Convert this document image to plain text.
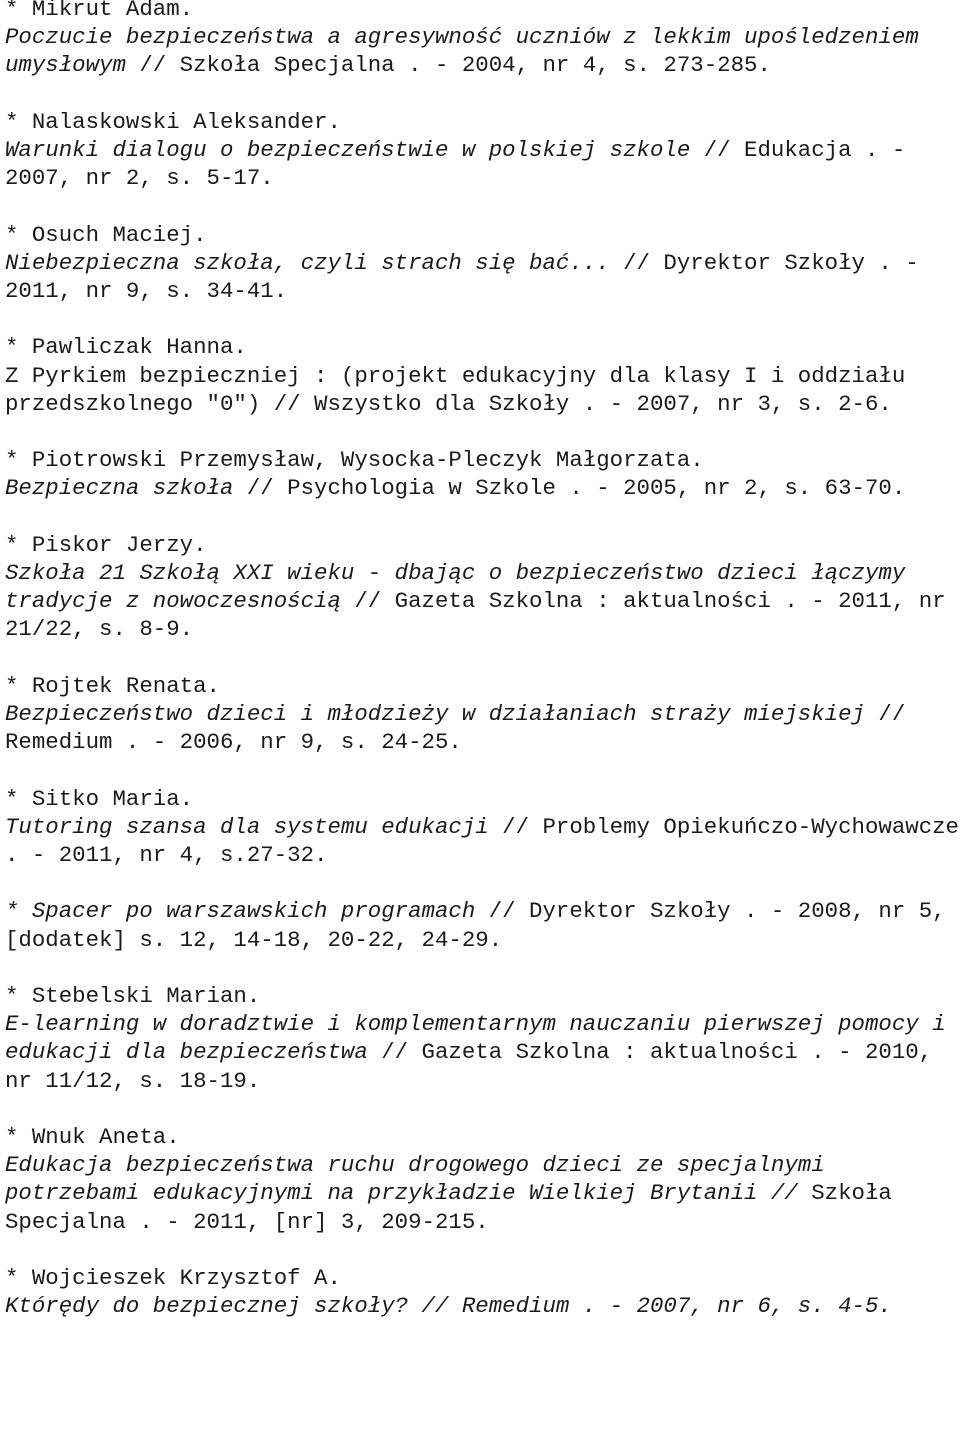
* Mikrut Adam.
Poczucie bezpieczeństwa a agresywność uczniów z lekkim upośledzeniem umysłowym // Szkoła Specjalna . - 2004, nr 4, s. 273-285.
* Nalaskowski Aleksander.
Warunki dialogu o bezpieczeństwie w polskiej szkole // Edukacja . - 2007, nr 2, s. 5-17.
* Osuch Maciej.
Niebezpieczna szkoła, czyli strach się bać... // Dyrektor Szkoły . - 2011, nr 9, s. 34-41.
* Pawliczak Hanna.
Z Pyrkiem bezpieczniej : (projekt edukacyjny dla klasy I i oddziału przedszkolnego "0") // Wszystko dla Szkoły . - 2007, nr 3, s. 2-6.
* Piotrowski Przemysław, Wysocka-Pleczyk Małgorzata.
Bezpieczna szkoła // Psychologia w Szkole . - 2005, nr 2, s. 63-70.
* Piskor Jerzy.
Szkoła 21 Szkołą XXI wieku - dbając o bezpieczeństwo dzieci łączymy tradycje z nowoczesnością // Gazeta Szkolna : aktualności . - 2011, nr 21/22, s. 8-9.
* Rojtek Renata.
Bezpieczeństwo dzieci i młodzieży w działaniach straży miejskiej // Remedium . - 2006, nr 9, s. 24-25.
* Sitko Maria.
Tutoring szansa dla systemu edukacji // Problemy Opiekuńczo-Wychowawcze . - 2011, nr 4, s.27-32.
* Spacer po warszawskich programach // Dyrektor Szkoły . - 2008, nr 5,[dodatek] s. 12, 14-18, 20-22, 24-29.
* Stebelski Marian.
E-learning w doradztwie i komplementarnym nauczaniu pierwszej pomocy i edukacji dla bezpieczeństwa // Gazeta Szkolna : aktualności . - 2010, nr 11/12, s. 18-19.
* Wnuk Aneta.
Edukacja bezpieczeństwa ruchu drogowego dzieci ze specjalnymi potrzebami edukacyjnymi na przykładzie Wielkiej Brytanii // Szkoła Specjalna . - 2011, [nr] 3, 209-215.
* Wojcieszek Krzysztof A.
Którędy do bezpiecznej szkoły? // Remedium . - 2007, nr 6, s. 4-5.
